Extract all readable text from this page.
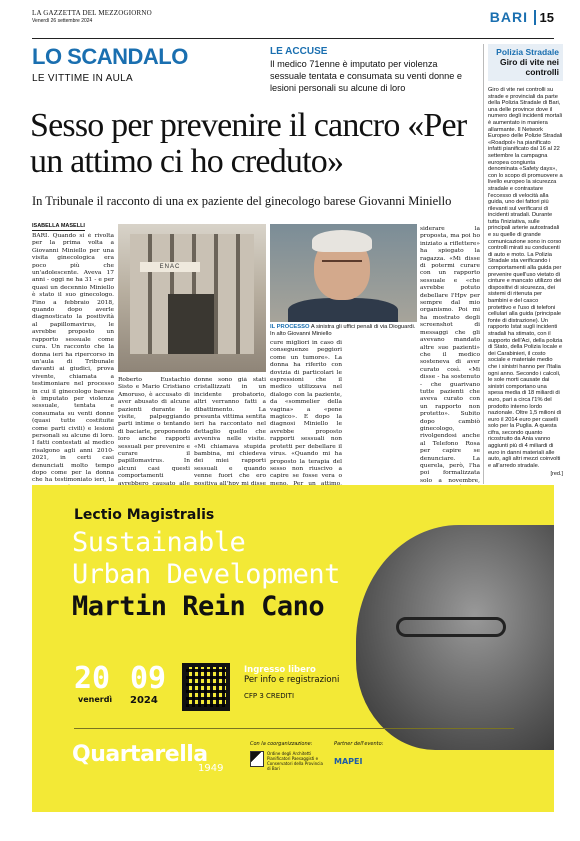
LA GAZZETTA DEL MEZZOGIORNO
Venerdì 26 settembre 2024	BARI 15
LO SCANDALO
LE VITTIME IN AULA
LE ACCUSE
Il medico 71enne è imputato per violenza sessuale tentata e consumata su venti donne e lesioni personali su alcune di loro
Sesso per prevenire il cancro «Per un attimo ci ho creduto»
In Tribunale il racconto di una ex paziente del ginecologo barese Giovanni Miniello
ISABELLA MASELLI
BARI. Quando si è rivolta per la prima volta a Giovanni Miniello per una visita ginecologica era poco più che un'adolescente. Aveva 17 anni - oggi ne ha 31 - e per quasi un decennio Miniello è stato il suo ginecologo. Fino a febbraio 2018, quando dopo averle diagnosticato la positività al papillomavirus, le avrebbe proposto un rapporto sessuale come cura. Un racconto che la donna ieri ha ripercorso in un'aula di Tribunale davanti ai giudici, prova vivente, chiamata a testimoniare nel processo in cui il ginecologo barese è imputato per violenza sessuale, tentata e consumata su venti donne (quasi tutte costituite come parti civili) e lesioni personali su alcune di loro. I fatti contestati al medico risalgono agli anni 2010-2021, in certi casi denunciati molto tempo dopo come per la donna che ha testimoniato ieri, la
ENAC
IL PROCESSO A sinistra gli uffici penali di via Dioguardi. In alto Giovanni Miniello
Roberto Eustachio Sisto e Mario Cristiano Amoruso, è accusato di aver abusato di alcune pazienti durante le visite, palpeggiando parti intime o tentando di baciarle, proponendo loro anche rapporti sessuali per prevenire e curare il papillomavirus. In alcuni casi questi comportamenti avrebbero causato alle
donne sono già stati cristallizzati in un incidente probatorio, altri verranno fatti a dibattimento. La presunta vittima sentita ieri ha raccontato nel dettaglio quello che avveniva nelle visite. «Mi chiamava stupida bambina, mi chiedeva dei miei rapporti sessuali e quando venne fuori che ero positiva all'hpv mi disse
cure migliori in caso di conseguenze peggiori come un tumore». La donna ha riferito con dovizia di particolari le espressioni che il medico utilizzava nel dialogo con la paziente, da «sommelier della vagina» a «pene magico». E dopo la diagnosi Miniello le avrebbe proposto rapporti sessuali non protetti per debellare il virus. «Quando mi ha proposto la terapia del sesso non riuscivo a capire se fosse vera o meno. Per un attimo,
siderare la proposta, ma poi ho iniziato a riflettere» ha spiegato la ragazza. «Mi disse di potermi curare con un rapporto sessuale e «che avrebbe potuto debellare l'Hpv per sempre dal mio organismo. Poi mi ha mostrato degli screenshot di messaggi che gli avevano mandato altre sue pazienti» che il medico sosteneva di aver curato così. «Mi disse - ha sostenuto - che guarivano tutte pazienti che aveva curato con un rapporto non protetto». Subito dopo cambiò ginecologo, rivolgendosi anche al Telefono Rosa per capire se denunciare. La querela, però, l'ha poi formalizzata solo a novembre,
Polizia Stradale
Giro di vite nei controlli
Giro di vite nei controlli su strade e provinciali da parte della Polizia Stradale di Bari, una delle province dove il numero degli incidenti mortali è aumentato in maniera allarmante. Il Network Europeo delle Polizie Stradali «Roadpol» ha pianificato infatti pianificato dal 16 al 22 settembre la campagna europea congiunta denominata «Safety days», con lo scopo di promuovere a livello europeo la sicurezza stradale e contrastare l'eccesso di velocità alla guida, uno dei fattori più rilevanti sul verificarsi di incidenti stradali. Durante tutta l'iniziativa, sulle principali arterie autostradali e su quelle di grande comunicazione sono in corso controlli mirati su conducenti di auto e moto. La Polizia Stradale sta verificando i comportamenti alla guida per prevenire quell'uso vietato di cinture e mancato utilizzo dei dispositivi di sicurezza, dei sistemi di ritenuta per bambini e del casco protettivo e l'uso di telefoni cellulari alla guida (principale fonte di distrazione). Un rapporto Istat sugli incidenti stradali ha stimato, con il supporto dell'Aci, della polizia di Stato, della Polizia locale e dei Carabinieri, il costo sociale e materiale medio che i sinistri hanno per l'Italia ogni anno. Secondo i calcoli, le sole morti causate dai sinistri comportano una spesa media di 18 miliardi di euro, pari a circa l'1% del prodotto interno lordo nazionale. Oltre 1,5 milioni di euro il 2014 euro per caselli solo per la Puglia. A questa cifra, secondo quanto ricostruito da Ania vanno aggiunti più di 4 miliardi di euro in danni materiali alle auto, agli altri mezzi coinvolti e all'arredo stradale.
[red.]
Lectio Magistralis
Sustainable
Urban Development
Martin Rein Cano
20
venerdì
09
2024
Ingresso libero
Per info e registrazioni
CFP 3 CREDITI
Quartarella
1949
Con la coorganizzazione:
Ordine degli Architetti Pianificatori Paesaggisti e Conservatori della Provincia di Bari
Partner dell'evento:
MAPEI
